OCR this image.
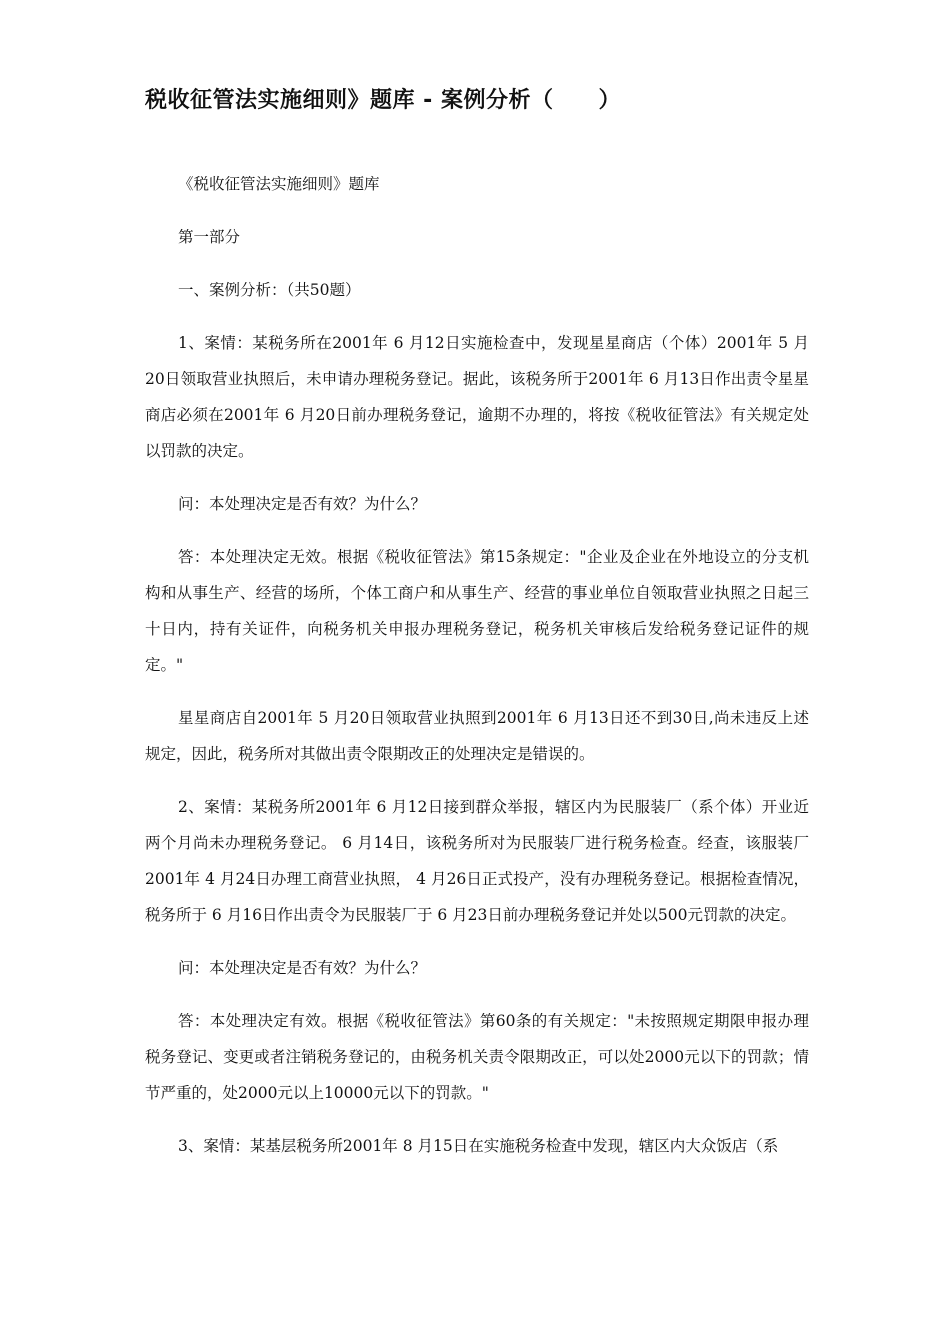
税收征管法实施细则》题库 - 案例分析（　　）

《税收征管法实施细则》题库

第一部分

一、案例分析：（共50题）

1、案情：某税务所在2001年 6 月12日实施检查中，发现星星商店（个体）2001年 5 月20日领取营业执照后，未申请办理税务登记。据此，该税务所于2001年 6 月13日作出责令星星商店必须在2001年 6 月20日前办理税务登记，逾期不办理的，将按《税收征管法》有关规定处以罚款的决定。

问：本处理决定是否有效？为什么？

答：本处理决定无效。根据《税收征管法》第15条规定："企业及企业在外地设立的分支机构和从事生产、经营的场所，个体工商户和从事生产、经营的事业单位自领取营业执照之日起三十日内，持有关证件，向税务机关申报办理税务登记，税务机关审核后发给税务登记证件的规定。"

星星商店自2001年 5 月20日领取营业执照到2001年 6 月13日还不到30日,尚未违反上述规定，因此，税务所对其做出责令限期改正的处理决定是错误的。

2、案情：某税务所2001年 6 月12日接到群众举报，辖区内为民服装厂（系个体）开业近两个月尚未办理税务登记。 6 月14日，该税务所对为民服装厂进行税务检查。经查，该服装厂2001年 4 月24日办理工商营业执照， 4 月26日正式投产，没有办理税务登记。根据检查情况，税务所于 6 月16日作出责令为民服装厂于 6 月23日前办理税务登记并处以500元罚款的决定。

问：本处理决定是否有效？为什么？

答：本处理决定有效。根据《税收征管法》第60条的有关规定："未按照规定期限申报办理税务登记、变更或者注销税务登记的，由税务机关责令限期改正，可以处2000元以下的罚款；情节严重的，处2000元以上10000元以下的罚款。"

3、案情：某基层税务所2001年 8 月15日在实施税务检查中发现，辖区内大众饭店（系
